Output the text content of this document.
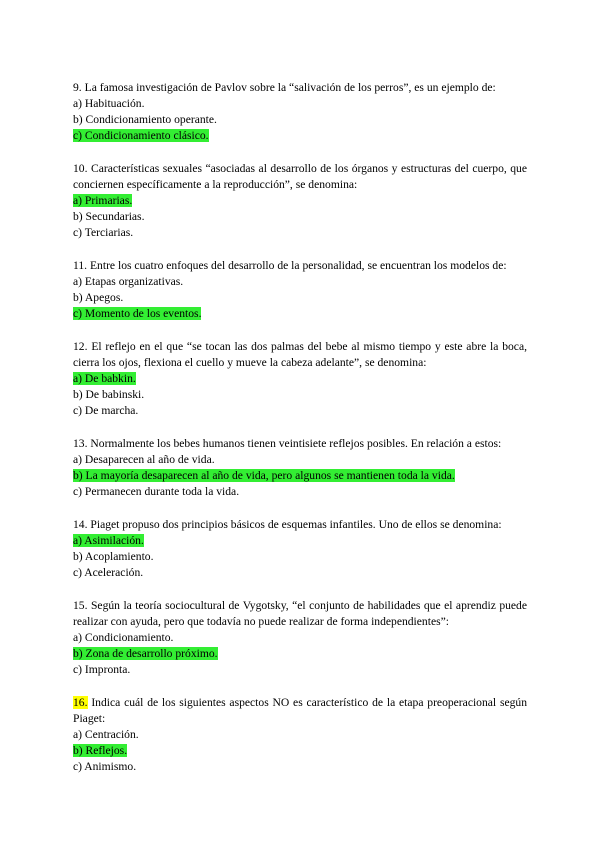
9. La famosa investigación de Pavlov sobre la “salivación de los perros”, es un ejemplo de:
a) Habituación.
b) Condicionamiento operante.
c) Condicionamiento clásico.
10. Características sexuales “asociadas al desarrollo de los órganos y estructuras del cuerpo, que conciernen específicamente a la reproducción”, se denomina:
a) Primarias.
b) Secundarias.
c) Terciarias.
11. Entre los cuatro enfoques del desarrollo de la personalidad, se encuentran los modelos de:
a) Etapas organizativas.
b) Apegos.
c) Momento de los eventos.
12. El reflejo en el que “se tocan las dos palmas del bebe al mismo tiempo y este abre la boca, cierra los ojos, flexiona el cuello y mueve la cabeza adelante”, se denomina:
a) De babkin.
b) De babinski.
c) De marcha.
13. Normalmente los bebes humanos tienen veintisiete reflejos posibles. En relación a estos:
a) Desaparecen al año de vida.
b) La mayoría desaparecen al año de vida, pero algunos se mantienen toda la vida.
c) Permanecen durante toda la vida.
14. Piaget propuso dos principios básicos de esquemas infantiles. Uno de ellos se denomina:
a) Asimilación.
b) Acoplamiento.
c) Aceleración.
15. Según la teoría sociocultural de Vygotsky, “el conjunto de habilidades que el aprendiz puede realizar con ayuda, pero que todavía no puede realizar de forma independientes”:
a) Condicionamiento.
b) Zona de desarrollo próximo.
c) Impronta.
16. Indica cuál de los siguientes aspectos NO es característico de la etapa preoperacional según Piaget:
a) Centración.
b) Reflejos.
c) Animismo.
